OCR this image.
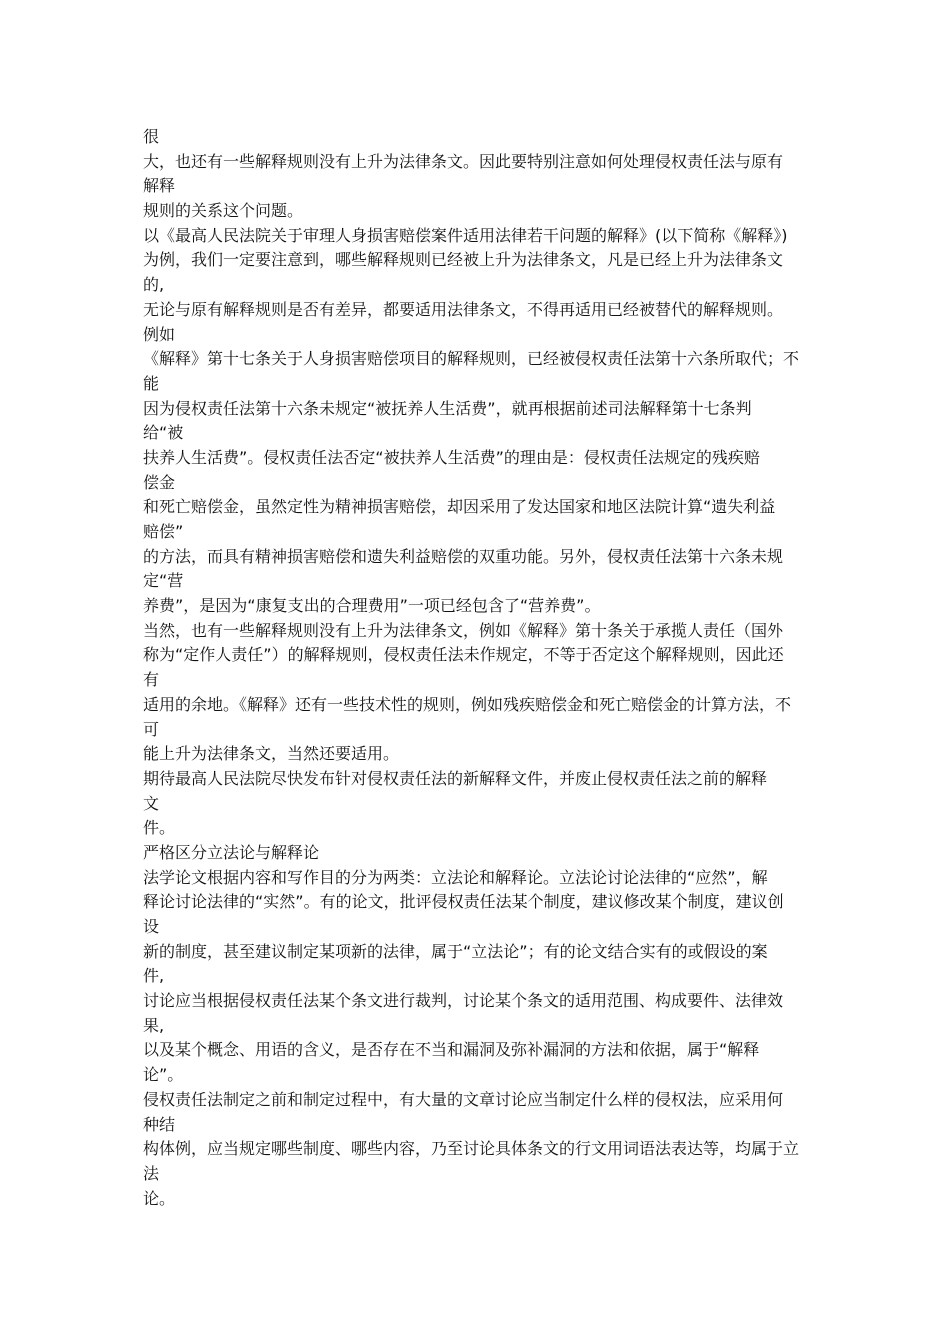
很
大，也还有一些解释规则没有上升为法律条文。因此要特别注意如何处理侵权责任法与原有
解释
规则的关系这个问题。
以《最高人民法院关于审理人身损害赔偿案件适用法律若干问题的解释》(以下简称《解释》)
为例，我们一定要注意到，哪些解释规则已经被上升为法律条文，凡是已经上升为法律条文
的,
无论与原有解释规则是否有差异，都要适用法律条文，不得再适用已经被替代的解释规则。
例如
《解释》第十七条关于人身损害赔偿项目的解释规则，已经被侵权责任法第十六条所取代；不
能
因为侵权责任法第十六条未规定“被抚养人生活费”，就再根据前述司法解释第十七条判
给“被
扶养人生活费”。侵权责任法否定“被扶养人生活费”的理由是：侵权责任法规定的残疾赔
偿金
和死亡赔偿金，虽然定性为精神损害赔偿，却因采用了发达国家和地区法院计算“遗失利益
赔偿”
的方法，而具有精神损害赔偿和遗失利益赔偿的双重功能。另外，侵权责任法第十六条未规
定“营
养费”，是因为“康复支出的合理费用”一项已经包含了“营养费”。
当然，也有一些解释规则没有上升为法律条文，例如《解释》第十条关于承揽人责任（国外
称为“定作人责任”）的解释规则，侵权责任法未作规定，不等于否定这个解释规则，因此还
有
适用的余地。《解释》还有一些技术性的规则，例如残疾赔偿金和死亡赔偿金的计算方法，不
可
能上升为法律条文，当然还要适用。
期待最高人民法院尽快发布针对侵权责任法的新解释文件，并废止侵权责任法之前的解释
文
件。
严格区分立法论与解释论
法学论文根据内容和写作目的分为两类：立法论和解释论。立法论讨论法律的“应然”，解
释论讨论法律的“实然”。有的论文，批评侵权责任法某个制度，建议修改某个制度，建议创
设
新的制度，甚至建议制定某项新的法律，属于“立法论”；有的论文结合实有的或假设的案
件,
讨论应当根据侵权责任法某个条文进行裁判，讨论某个条文的适用范围、构成要件、法律效
果,
以及某个概念、用语的含义，是否存在不当和漏洞及弥补漏洞的方法和依据，属于“解释
论”。
侵权责任法制定之前和制定过程中，有大量的文章讨论应当制定什么样的侵权法，应采用何
种结
构体例，应当规定哪些制度、哪些内容，乃至讨论具体条文的行文用词语法表达等，均属于立
法
论。
